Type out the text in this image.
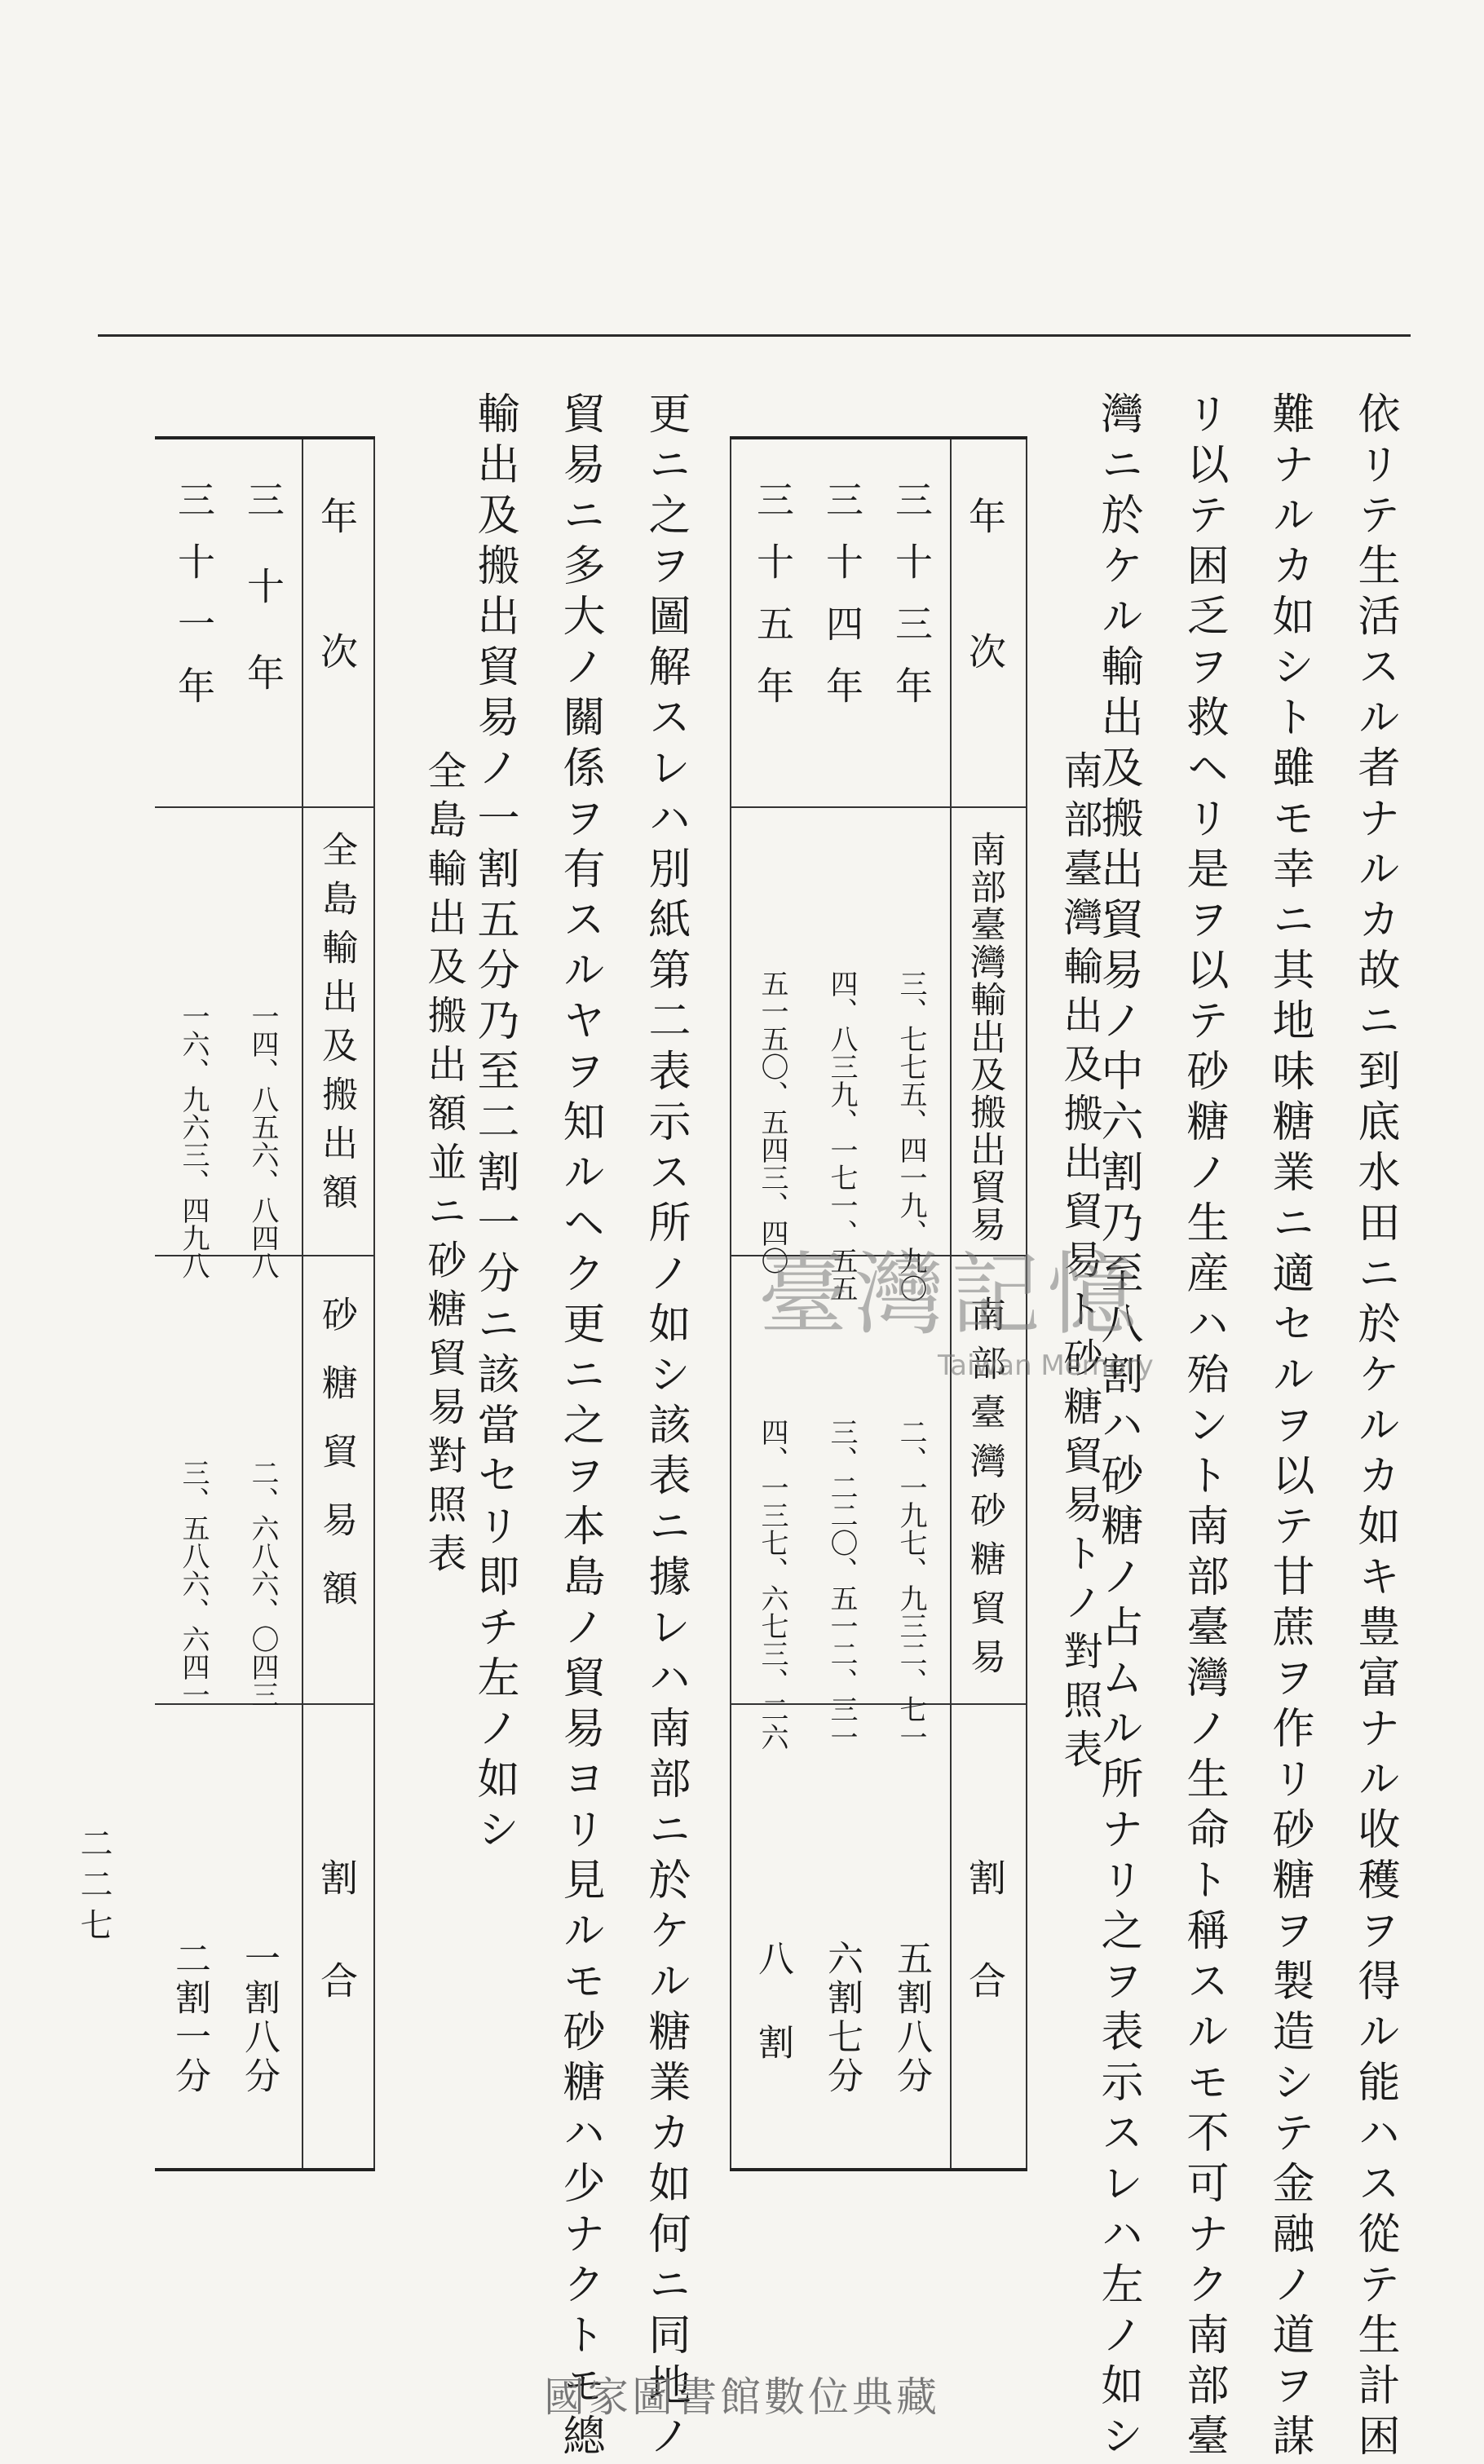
依リテ生活スル者ナルカ故ニ到底水田ニ於ケルカ如キ豊富ナル收穫ヲ得ル能ハス從テ生計困
難ナルカ如シト雖モ幸ニ其地味糖業ニ適セルヲ以テ甘蔗ヲ作リ砂糖ヲ製造シテ金融ノ道ヲ謀
リ以テ困乏ヲ救ヘリ是ヲ以テ砂糖ノ生産ハ殆ント南部臺灣ノ生命ト稱スルモ不可ナク南部臺
灣ニ於ケル輸出及搬出貿易ノ中六割乃至八割ハ砂糖ノ占ムル所ナリ之ヲ表示スレハ左ノ如シ
南部臺灣輸出及搬出貿易ト砂糖貿易トノ對照表
年次
南部臺灣輸出及搬出貿易
南部臺灣砂糖貿易
割合
三十三年
三、七七五、四一九、九〇
二、一九七、九三二、七一
五割八分
三十四年
四、八三九、一七一、五五
三、二二〇、五一二、三一
六割七分
三十五年
五一五〇、五四三、四〇
四、一三七、六七三、二六
八 割
更ニ之ヲ圖解スレハ別紙第二表示ス所ノ如シ該表ニ據レハ南部ニ於ケル糖業カ如何ニ同地ノ
貿易ニ多大ノ關係ヲ有スルヤヲ知ルヘク更ニ之ヲ本島ノ貿易ヨリ見ルモ砂糖ハ少ナクトモ總
輸出及搬出貿易ノ一割五分乃至二割一分ニ該當セリ即チ左ノ如シ
全島輸出及搬出額並ニ砂糖貿易對照表
年次
全島輸出及搬出額
砂糖貿易額
割合
三十年
一四、八五六、八四八
二、六八六、〇四三
一割八分
三十一年
一六、九六三、四九八
三、五八六、六四一
二割一分
二二七
臺灣記憶
Taiwan Memory
國家圖書館數位典藏
